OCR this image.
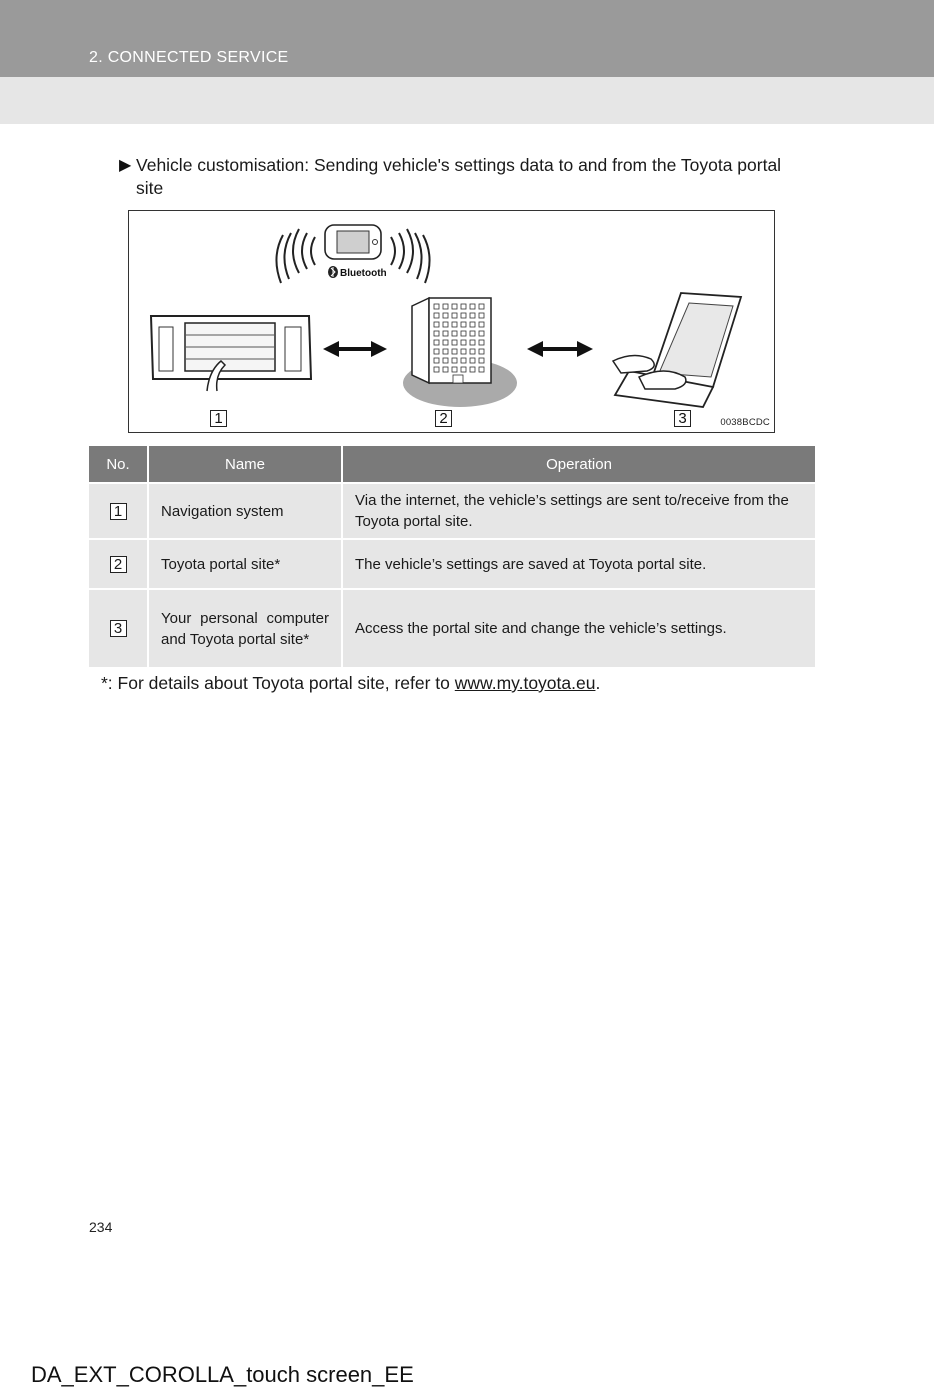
2. CONNECTED SERVICE
▶ Vehicle customisation: Sending vehicle's settings data to and from the Toyota portal site
Bluetooth
1	2	3	0038BCDC
No.	Name	Operation
1	Navigation system	Via the internet, the vehicle’s settings are sent to/receive from the Toyota portal site.
2	Toyota portal site*	The vehicle’s settings are saved at Toyota portal site.
3	Your personal computer and Toyota portal site*	Access the portal site and change the vehicle’s settings.
*: For details about Toyota portal site, refer to www.my.toyota.eu.
234
DA_EXT_COROLLA_touch screen_EE
